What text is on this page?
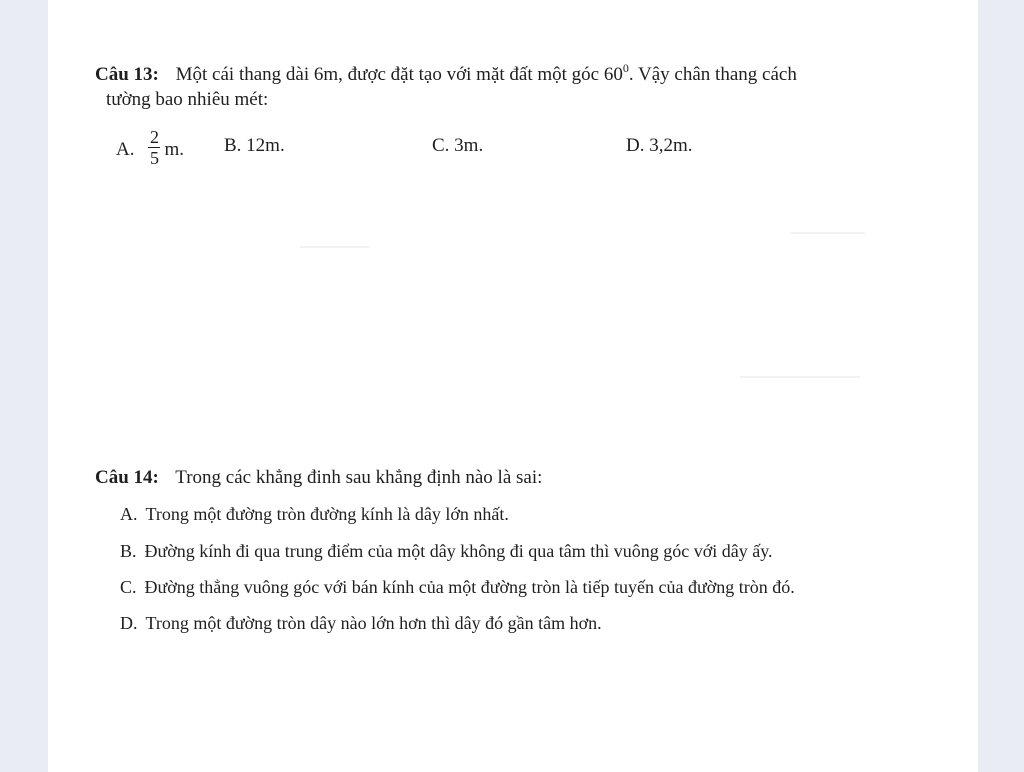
Câu 13: Một cái thang dài 6m, được đặt tạo với mặt đất một góc $60^0$. Vậy chân thang cách
tường bao nhiêu mét:
A. $\frac{2}{5} m$. B. 12m.	C. 3m.	D. 3,2m.
Câu 14: Trong các khẳng đinh sau khẳng định nào là sai:
A. Trong một đường tròn đường kính là dây lớn nhất.
B. Đường kính đi qua trung điểm của một dây không đi qua tâm thì vuông góc với dây ấy.
C. Đường thẳng vuông góc với bán kính của một đường tròn là tiếp tuyến của đường tròn đó.
D. Trong một đường tròn dây nào lớn hơn thì dây đó gần tâm hơn.
